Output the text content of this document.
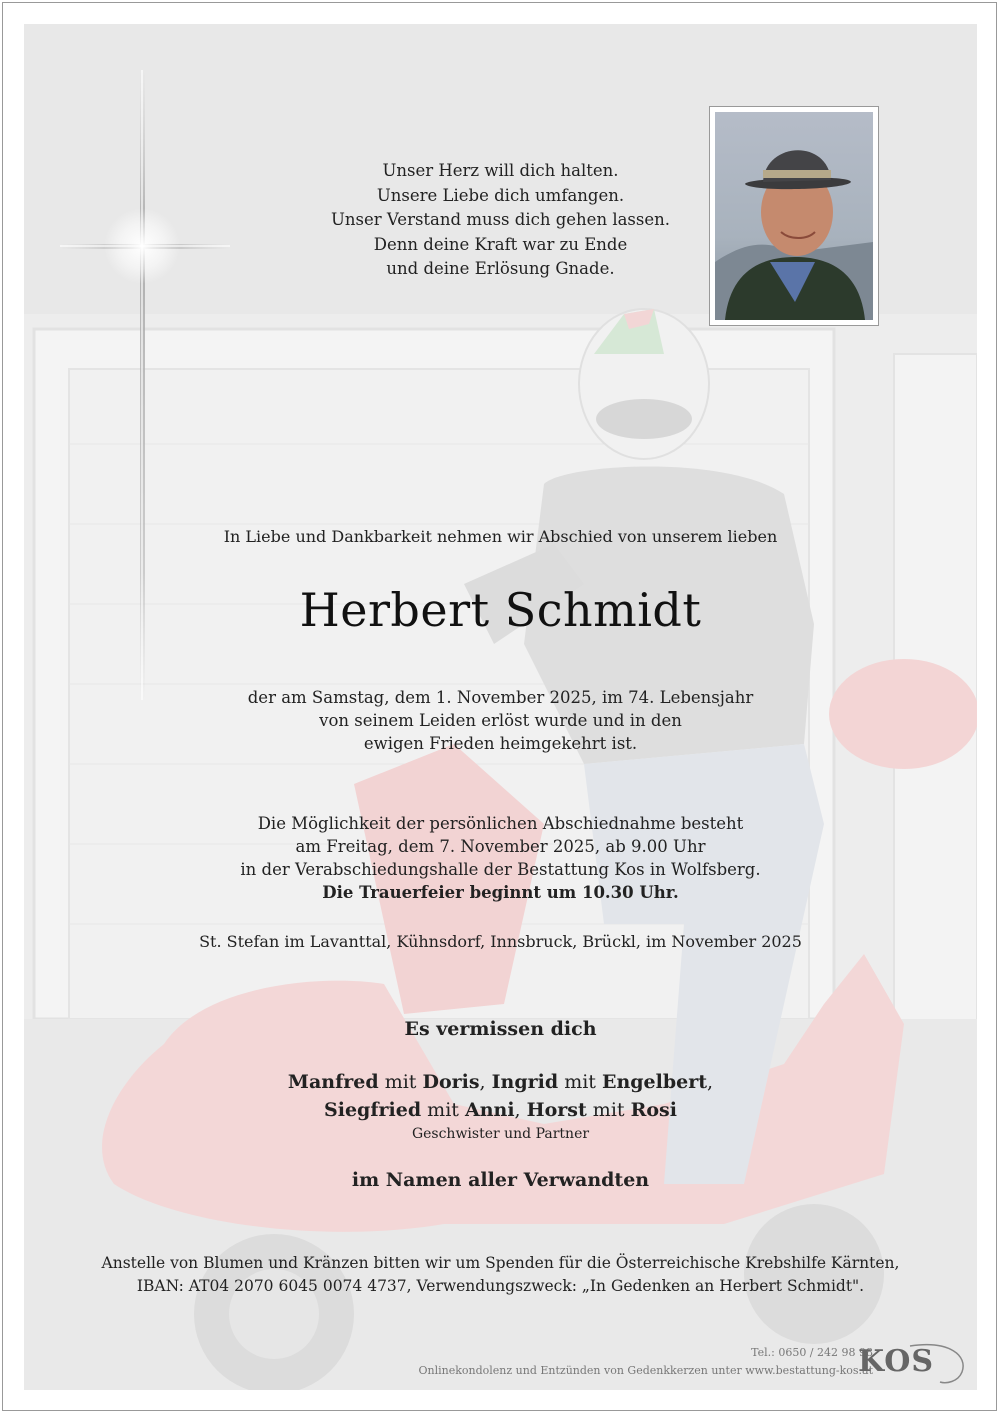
Unser Herz will dich halten.
Unsere Liebe dich umfangen.
Unser Verstand muss dich gehen lassen.
Denn deine Kraft war zu Ende
und deine Erlösung Gnade.
In Liebe und Dankbarkeit nehmen wir Abschied von unserem lieben
Herbert Schmidt
der am Samstag, dem 1. November 2025, im 74. Lebensjahr
von seinem Leiden erlöst wurde und in den
ewigen Frieden heimgekehrt ist.
Die Möglichkeit der persönlichen Abschiednahme besteht
am Freitag, dem 7. November 2025, ab 9.00 Uhr
in der Verabschiedungshalle der Bestattung Kos in Wolfsberg.
Die Trauerfeier beginnt um 10.30 Uhr.
St. Stefan im Lavanttal, Kühnsdorf, Innsbruck, Brückl, im November 2025
Es vermissen dich
Manfred mit Doris, Ingrid mit Engelbert,
Siegfried mit Anni, Horst mit Rosi
Geschwister und Partner
im Namen aller Verwandten
Anstelle von Blumen und Kränzen bitten wir um Spenden für die Österreichische Krebshilfe Kärnten,
IBAN: AT04 2070 6045 0074 4737, Verwendungszweck: „In Gedenken an Herbert Schmidt".
Tel.: 0650 / 242 98 98
Onlinekondolenz und Entzünden von Gedenkkerzen unter www.bestattung-kos.at
KOS
